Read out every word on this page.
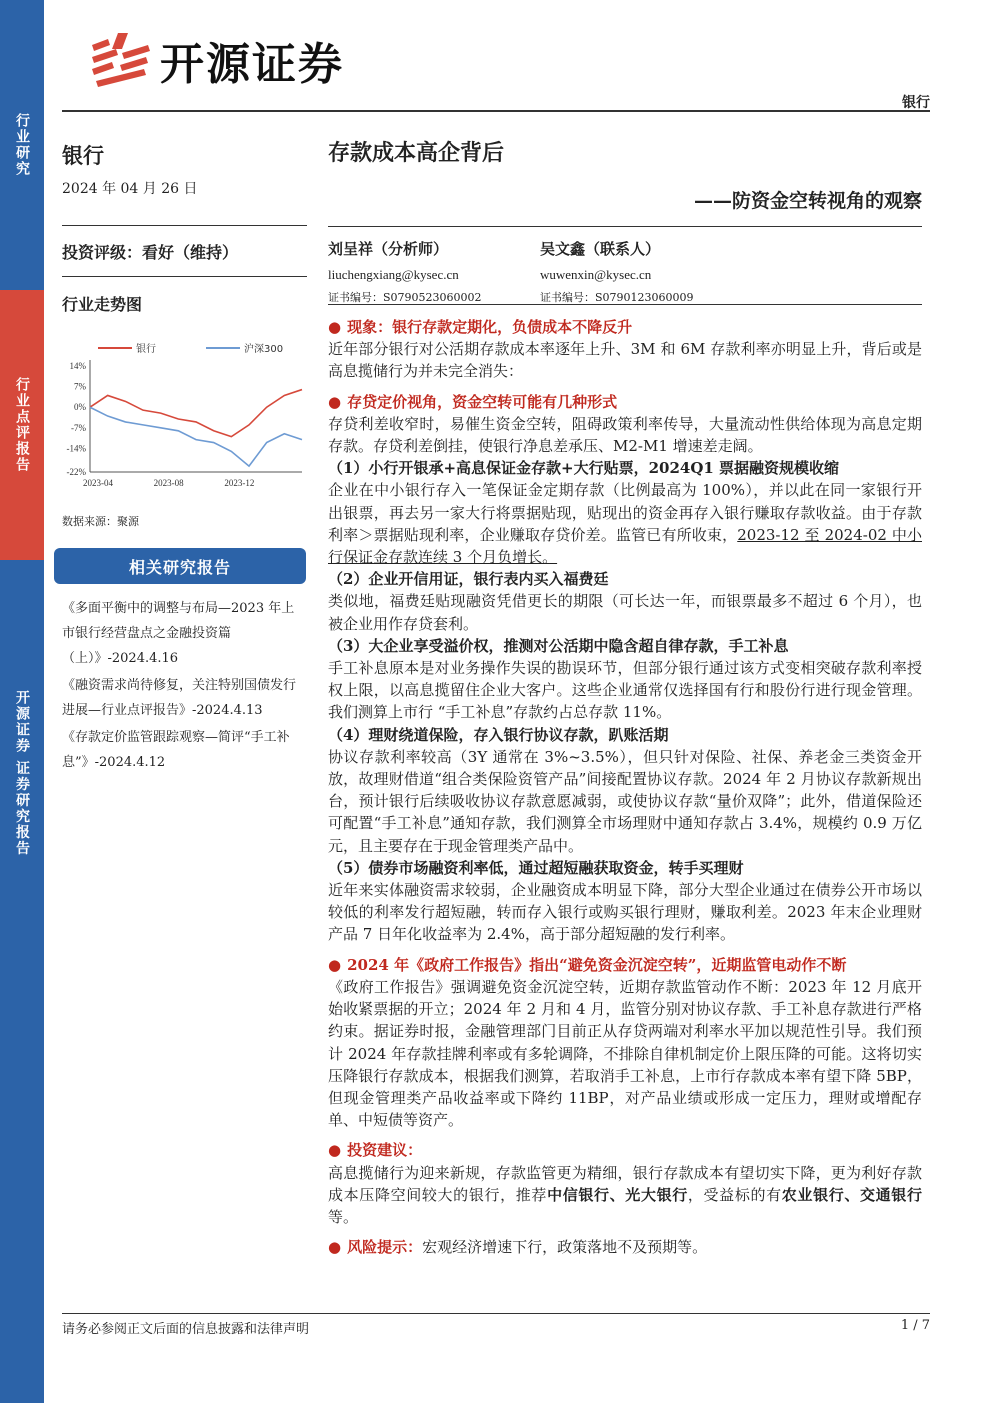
行业研究
行业点评报告
开源证券 证券研究报告
开源证券
银行
银行
2024 年 04 月 26 日
投资评级：看好（维持）
行业走势图
14%
7%
0%
-7%
-14%
-22%
2023-04	2023-08	2023-12
银行	沪深300
数据来源：聚源
相关研究报告

《多面平衡中的调整与布局—2023 年上市银行经营盘点之金融投资篇（上）》-2024.4.16

《融资需求尚待修复，关注特别国债发行进展—行业点评报告》-2024.4.13

《存款定价监管跟踪观察—简评“手工补息”》-2024.4.12

存款成本高企背后
——防资金空转视角的观察
刘呈祥（分析师）
liuchengxiang@kysec.cn
证书编号：S0790523060002
吴文鑫（联系人）
wuwenxin@kysec.cn
证书编号：S0790123060009

● 现象：银行存款定期化，负债成本不降反升

近年部分银行对公活期存款成本率逐年上升、3M 和 6M 存款利率亦明显上升，背后或是高息揽储行为并未完全消失：

● 存贷定价视角，资金空转可能有几种形式

存贷利差收窄时，易催生资金空转，阻碍政策利率传导，大量流动性供给体现为高息定期存款。存贷利差倒挂，使银行净息差承压、M2-M1 增速差走阔。

（1）小行开银承+高息保证金存款+大行贴票，2024Q1 票据融资规模收缩

企业在中小银行存入一笔保证金定期存款（比例最高为 100%），并以此在同一家银行开出银票，再去另一家大行将票据贴现，贴现出的资金再存入银行赚取存款收益。由于存款利率＞票据贴现利率，企业赚取存贷价差。监管已有所收束，2023-12 至 2024-02 中小行保证金存款连续 3 个月负增长。

（2）企业开信用证，银行表内买入福费廷

类似地，福费廷贴现融资凭借更长的期限（可长达一年，而银票最多不超过 6 个月），也被企业用作存贷套利。

（3）大企业享受溢价权，推测对公活期中隐含超自律存款，手工补息

手工补息原本是对业务操作失误的勘误环节，但部分银行通过该方式变相突破存款利率授权上限，以高息揽留住企业大客户。这些企业通常仅选择国有行和股份行进行现金管理。我们测算上市行 “手工补息”存款约占总存款 11%。

（4）理财绕道保险，存入银行协议存款，趴账活期

协议存款利率较高（3Y 通常在 3%~3.5%），但只针对保险、社保、养老金三类资金开放，故理财借道“组合类保险资管产品”间接配置协议存款。2024 年 2 月协议存款新规出台，预计银行后续吸收协议存款意愿减弱，或使协议存款“量价双降”；此外，借道保险还可配置“手工补息”通知存款，我们测算全市场理财中通知存款占 3.4%，规模约 0.9 万亿元，且主要存在于现金管理类产品中。

（5）债券市场融资利率低，通过超短融获取资金，转手买理财

近年来实体融资需求较弱，企业融资成本明显下降，部分大型企业通过在债券公开市场以较低的利率发行超短融，转而存入银行或购买银行理财，赚取利差。2023 年末企业理财产品 7 日年化收益率为 2.4%，高于部分超短融的发行利率。

● 2024 年《政府工作报告》指出“避免资金沉淀空转”，近期监管电动作不断

《政府工作报告》强调避免资金沉淀空转，近期存款监管动作不断：2023 年 12 月底开始收紧票据的开立；2024 年 2 月和 4 月，监管分别对协议存款、手工补息存款进行严格约束。据证券时报，金融管理部门目前正从存贷两端对利率水平加以规范性引导。我们预计 2024 年存款挂牌利率或有多轮调降，不排除自律机制定价上限压降的可能。这将切实压降银行存款成本，根据我们测算，若取消手工补息，上市行存款成本率有望下降 5BP，但现金管理类产品收益率或下降约 11BP，对产品业绩或形成一定压力，理财或增配存单、中短债等资产。

● 投资建议：

高息揽储行为迎来新规，存款监管更为精细，银行存款成本有望切实下降，更为利好存款成本压降空间较大的银行，推荐中信银行、光大银行，受益标的有农业银行、交通银行等。

● 风险提示：宏观经济增速下行，政策落地不及预期等。

请务必参阅正文后面的信息披露和法律声明	1 / 7
